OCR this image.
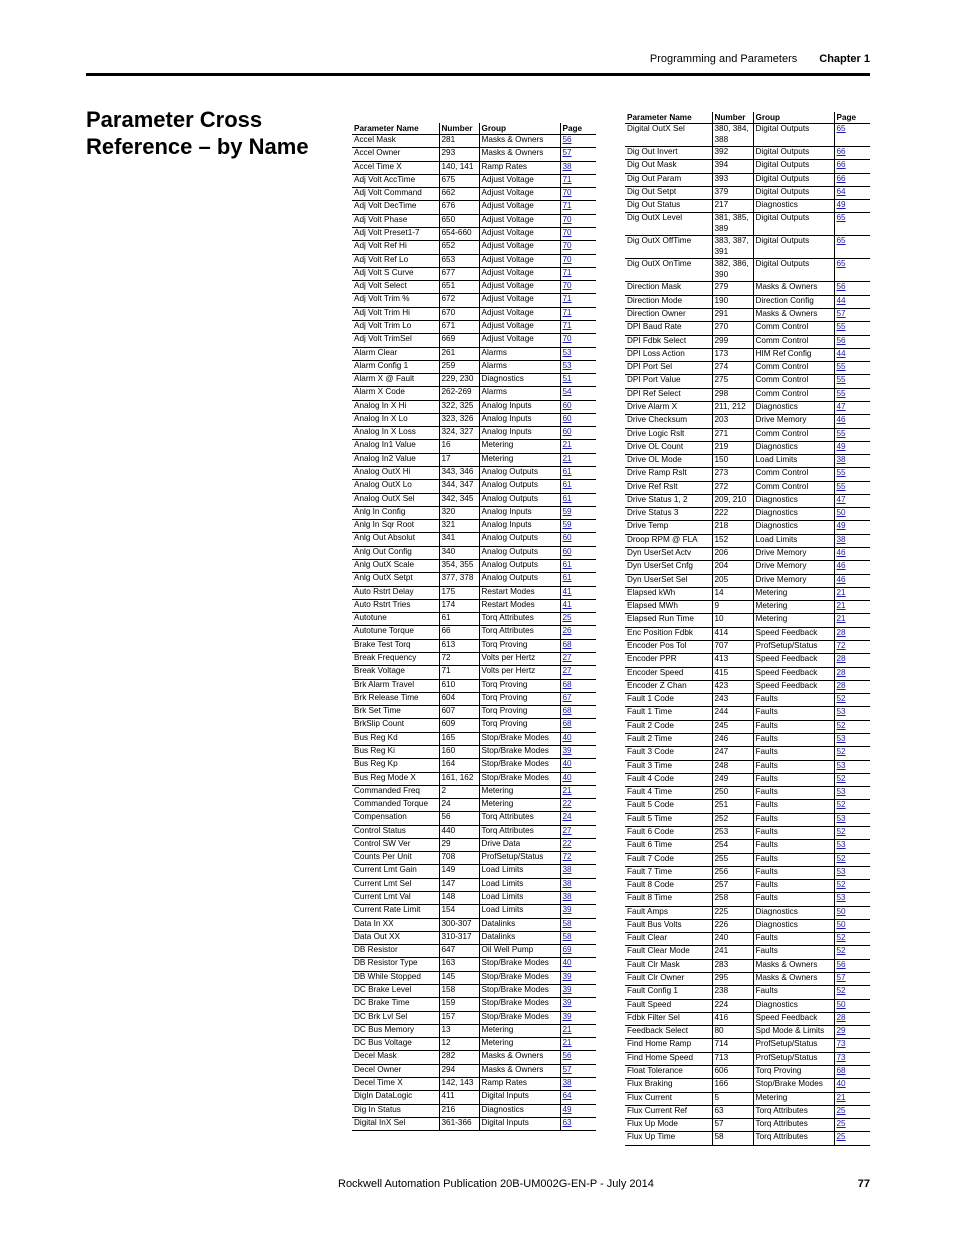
Programming and Parameters Chapter 1
Parameter Cross Reference – by Name
Parameter Name	Number	Group	Page
Accel Mask	281	Masks & Owners	56
Accel Owner	293	Masks & Owners	57
Accel Time X	140, 141	Ramp Rates	38
Adj Volt AccTime	675	Adjust Voltage	71
Adj Volt Command	662	Adjust Voltage	70
Adj Volt DecTime	676	Adjust Voltage	71
Adj Volt Phase	650	Adjust Voltage	70
Adj Volt Preset1-7	654-660	Adjust Voltage	70
Adj Volt Ref Hi	652	Adjust Voltage	70
Adj Volt Ref Lo	653	Adjust Voltage	70
Adj Volt S Curve	677	Adjust Voltage	71
Adj Volt Select	651	Adjust Voltage	70
Adj Volt Trim %	672	Adjust Voltage	71
Adj Volt Trim Hi	670	Adjust Voltage	71
Adj Volt Trim Lo	671	Adjust Voltage	71
Adj Volt TrimSel	669	Adjust Voltage	70
Alarm Clear	261	Alarms	53
Alarm Config 1	259	Alarms	53
Alarm X @ Fault	229, 230	Diagnostics	51
Alarm X Code	262-269	Alarms	54
Analog In X Hi	322, 325	Analog Inputs	60
Analog In X Lo	323, 326	Analog Inputs	60
Analog In X Loss	324, 327	Analog Inputs	60
Analog In1 Value	16	Metering	21
Analog In2 Value	17	Metering	21
Analog OutX Hi	343, 346	Analog Outputs	61
Analog OutX Lo	344, 347	Analog Outputs	61
Analog OutX Sel	342, 345	Analog Outputs	61
Anlg In Config	320	Analog Inputs	59
Anlg In Sqr Root	321	Analog Inputs	59
Anlg Out Absolut	341	Analog Outputs	60
Anlg Out Config	340	Analog Outputs	60
Anlg OutX Scale	354, 355	Analog Outputs	61
Anlg OutX Setpt	377, 378	Analog Outputs	61
Auto Rstrt Delay	175	Restart Modes	41
Auto Rstrt Tries	174	Restart Modes	41
Autotune	61	Torq Attributes	25
Autotune Torque	66	Torq Attributes	26
Brake Test Torq	613	Torq Proving	68
Break Frequency	72	Volts per Hertz	27
Break Voltage	71	Volts per Hertz	27
Brk Alarm Travel	610	Torq Proving	68
Brk Release Time	604	Torq Proving	67
Brk Set Time	607	Torq Proving	68
BrkSlip Count	609	Torq Proving	68
Bus Reg Kd	165	Stop/Brake Modes	40
Bus Reg Ki	160	Stop/Brake Modes	39
Bus Reg Kp	164	Stop/Brake Modes	40
Bus Reg Mode X	161, 162	Stop/Brake Modes	40
Commanded Freq	2	Metering	21
Commanded Torque	24	Metering	22
Compensation	56	Torq Attributes	24
Control Status	440	Torq Attributes	27
Control SW Ver	29	Drive Data	22
Counts Per Unit	708	ProfSetup/Status	72
Current Lmt Gain	149	Load Limits	38
Current Lmt Sel	147	Load Limits	38
Current Lmt Val	148	Load Limits	38
Current Rate Limit	154	Load Limits	39
Data In XX	300-307	Datalinks	58
Data Out XX	310-317	Datalinks	58
DB Resistor	647	Oil Well Pump	69
DB Resistor Type	163	Stop/Brake Modes	40
DB While Stopped	145	Stop/Brake Modes	39
DC Brake Level	158	Stop/Brake Modes	39
DC Brake Time	159	Stop/Brake Modes	39
DC Brk Lvl Sel	157	Stop/Brake Modes	39
DC Bus Memory	13	Metering	21
DC Bus Voltage	12	Metering	21
Decel Mask	282	Masks & Owners	56
Decel Owner	294	Masks & Owners	57
Decel Time X	142, 143	Ramp Rates	38
DigIn DataLogic	411	Digital Inputs	64
Dig In Status	216	Diagnostics	49
Digital InX Sel	361-366	Digital Inputs	63
Parameter Name	Number	Group	Page
Digital OutX Sel	380, 384, 388	Digital Outputs	65
Dig Out Invert	392	Digital Outputs	66
Dig Out Mask	394	Digital Outputs	66
Dig Out Param	393	Digital Outputs	66
Dig Out Setpt	379	Digital Outputs	64
Dig Out Status	217	Diagnostics	49
Dig OutX Level	381, 385, 389	Digital Outputs	65
Dig OutX OffTime	383, 387, 391	Digital Outputs	65
Dig OutX OnTime	382, 386, 390	Digital Outputs	65
Direction Mask	279	Masks & Owners	56
Direction Mode	190	Direction Config	44
Direction Owner	291	Masks & Owners	57
DPI Baud Rate	270	Comm Control	55
DPI Fdbk Select	299	Comm Control	56
DPI Loss Action	173	HIM Ref Config	44
DPI Port Sel	274	Comm Control	55
DPI Port Value	275	Comm Control	55
DPI Ref Select	298	Comm Control	55
Drive Alarm X	211, 212	Diagnostics	47
Drive Checksum	203	Drive Memory	46
Drive Logic Rslt	271	Comm Control	55
Drive OL Count	219	Diagnostics	49
Drive OL Mode	150	Load Limits	38
Drive Ramp Rslt	273	Comm Control	55
Drive Ref Rslt	272	Comm Control	55
Drive Status 1, 2	209, 210	Diagnostics	47
Drive Status 3	222	Diagnostics	50
Drive Temp	218	Diagnostics	49
Droop RPM @ FLA	152	Load Limits	38
Dyn UserSet Actv	206	Drive Memory	46
Dyn UserSet Cnfg	204	Drive Memory	46
Dyn UserSet Sel	205	Drive Memory	46
Elapsed kWh	14	Metering	21
Elapsed MWh	9	Metering	21
Elapsed Run Time	10	Metering	21
Enc Position Fdbk	414	Speed Feedback	28
Encoder Pos Tol	707	ProfSetup/Status	72
Encoder PPR	413	Speed Feedback	28
Encoder Speed	415	Speed Feedback	28
Encoder Z Chan	423	Speed Feedback	28
Fault 1 Code	243	Faults	52
Fault 1 Time	244	Faults	53
Fault 2 Code	245	Faults	52
Fault 2 Time	246	Faults	53
Fault 3 Code	247	Faults	52
Fault 3 Time	248	Faults	53
Fault 4 Code	249	Faults	52
Fault 4 Time	250	Faults	53
Fault 5 Code	251	Faults	52
Fault 5 Time	252	Faults	53
Fault 6 Code	253	Faults	52
Fault 6 Time	254	Faults	53
Fault 7 Code	255	Faults	52
Fault 7 Time	256	Faults	53
Fault 8 Code	257	Faults	52
Fault 8 Time	258	Faults	53
Fault Amps	225	Diagnostics	50
Fault Bus Volts	226	Diagnostics	50
Fault Clear	240	Faults	52
Fault Clear Mode	241	Faults	52
Fault Clr Mask	283	Masks & Owners	56
Fault Clr Owner	295	Masks & Owners	57
Fault Config 1	238	Faults	52
Fault Speed	224	Diagnostics	50
Fdbk Filter Sel	416	Speed Feedback	28
Feedback Select	80	Spd Mode & Limits	29
Find Home Ramp	714	ProfSetup/Status	73
Find Home Speed	713	ProfSetup/Status	73
Float Tolerance	606	Torq Proving	68
Flux Braking	166	Stop/Brake Modes	40
Flux Current	5	Metering	21
Flux Current Ref	63	Torq Attributes	25
Flux Up Mode	57	Torq Attributes	25
Flux Up Time	58	Torq Attributes	25
Rockwell Automation Publication 20B-UM002G-EN-P - July 2014	77
